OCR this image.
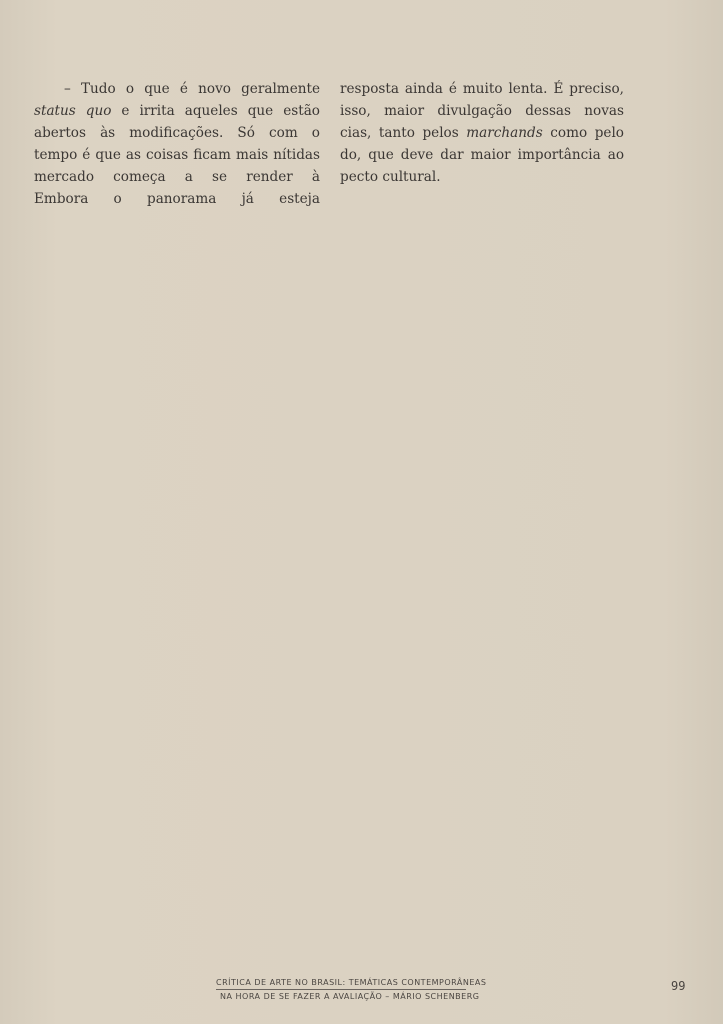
– Tudo o que é novo geralmente
status quo e irrita aqueles que estão
abertos às modificações. Só com o
tempo é que as coisas ficam mais nítidas
mercado começa a se render à
Embora o panorama já esteja
resposta ainda é muito lenta. É preciso,
isso, maior divulgação dessas novas
cias, tanto pelos marchands como pelo
do, que deve dar maior importância ao
pecto cultural.
CRÍTICA DE ARTE NO BRASIL: TEMÁTICAS CONTEMPORÂNEAS
NA HORA DE SE FAZER A AVALIAÇÃO – MÁRIO SCHENBERG
99
